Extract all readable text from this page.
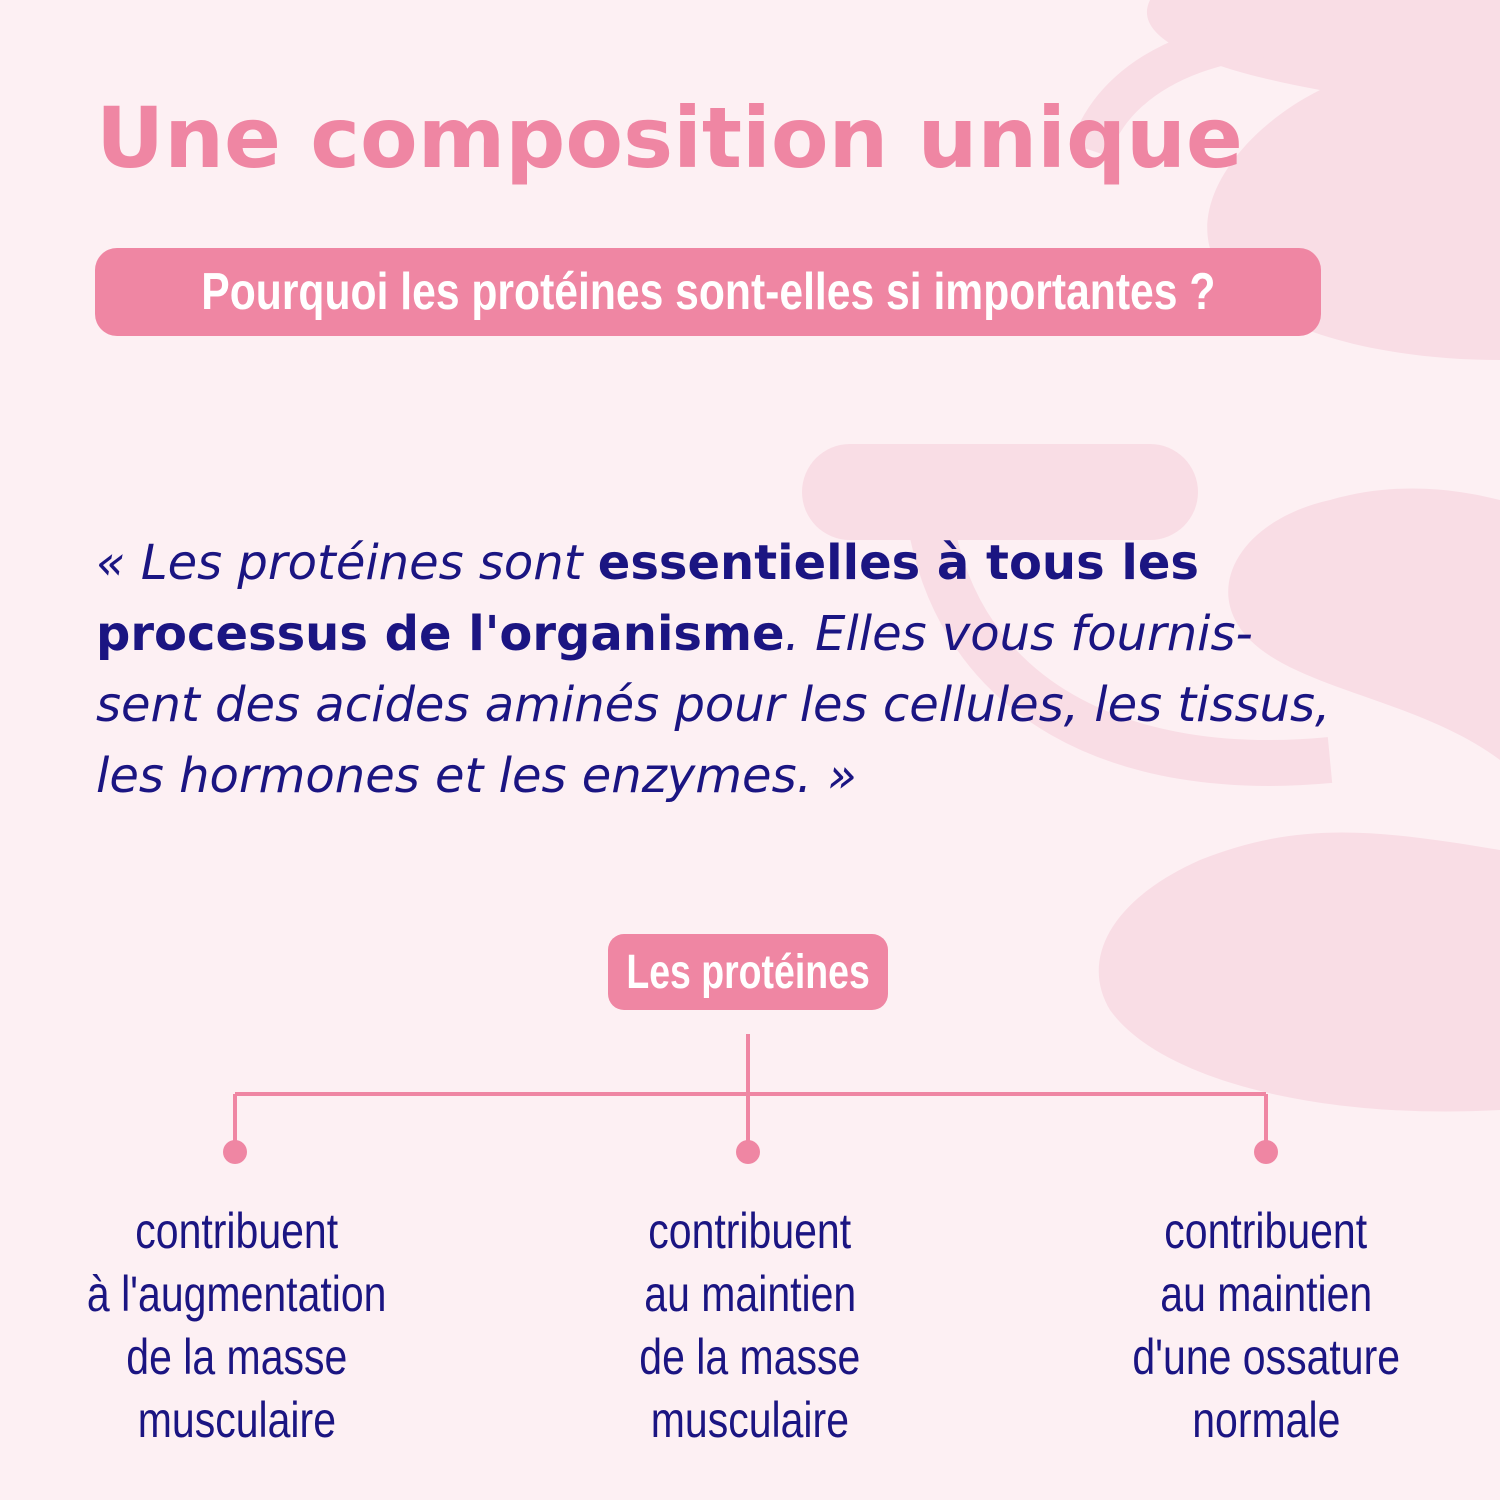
Une composition unique
Pourquoi les protéines sont-elles si importantes ?

« Les protéines sont essentielles à tous les processus de l'organisme. Elles vous fournis- sent des acides aminés pour les cellules, les tissus, les hormones et les enzymes. »

Les protéines
contribuent
à l'augmentation
de la masse
musculaire
contribuent
au maintien
de la masse
musculaire
contribuent
au maintien
d'une ossature
normale
